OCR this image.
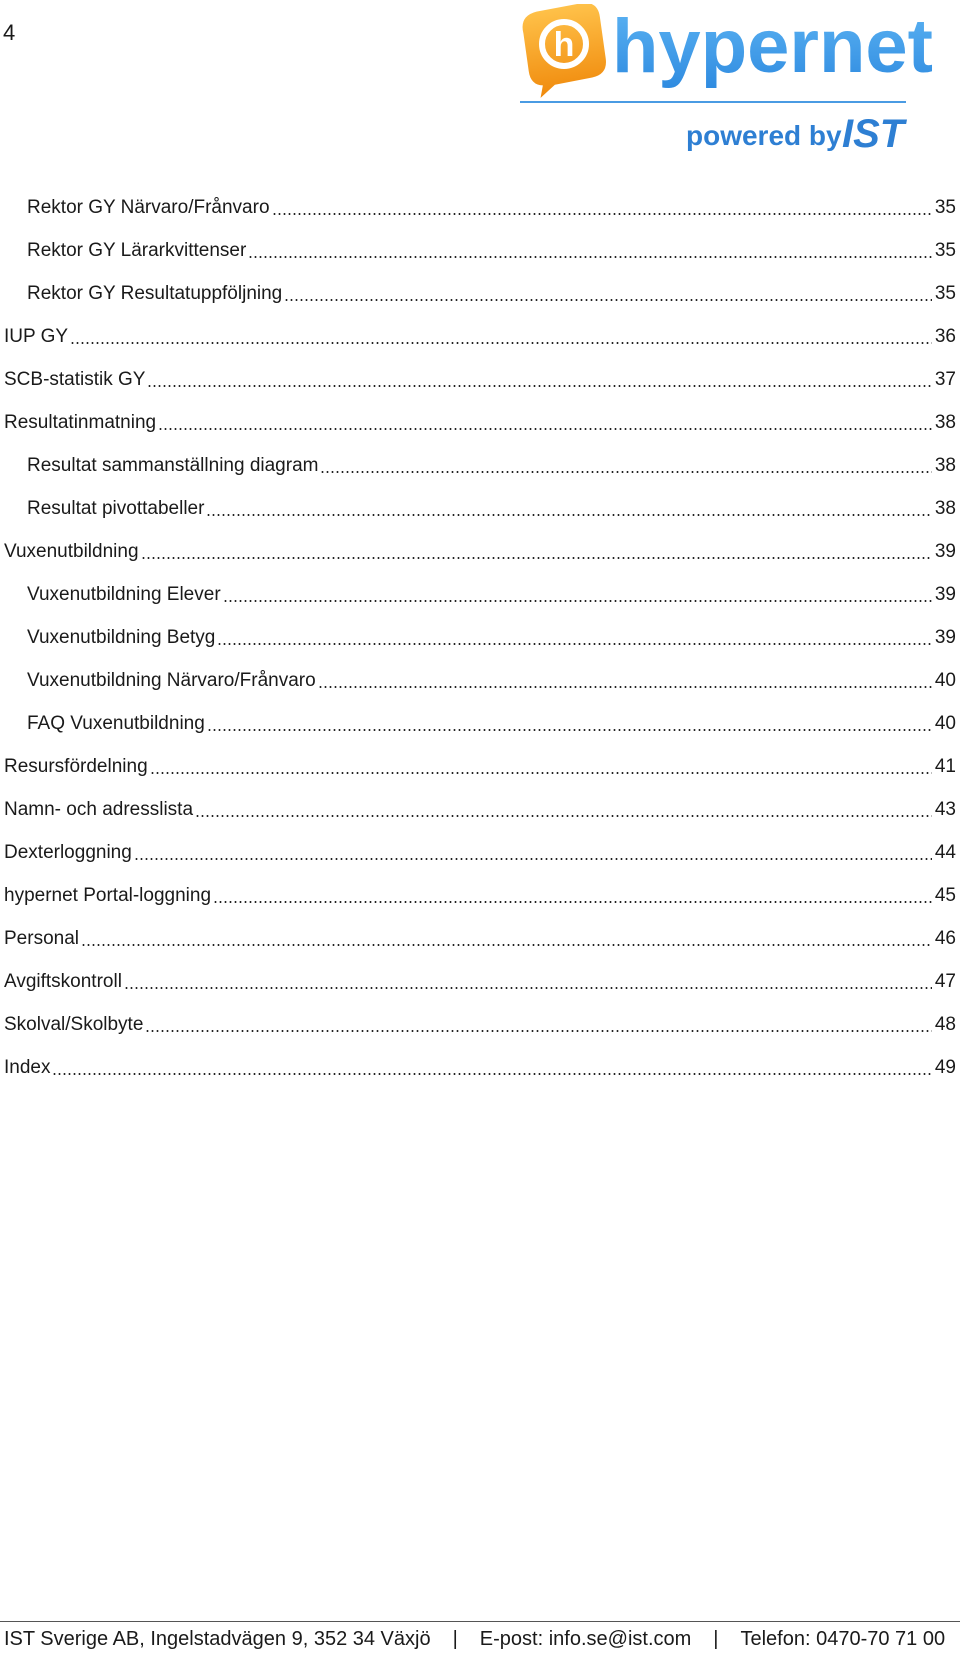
4	h hypernet
powered by IST
Rektor GY Närvaro/Frånvaro	35
Rektor GY Lärarkvittenser	35
Rektor GY Resultatuppföljning	35
IUP GY	36
SCB-statistik GY	37
Resultatinmatning	38
Resultat sammanställning diagram	38
Resultat pivottabeller	38
Vuxenutbildning	39
Vuxenutbildning Elever	39
Vuxenutbildning Betyg	39
Vuxenutbildning Närvaro/Frånvaro	40
FAQ Vuxenutbildning	40
Resursfördelning	41
Namn- och adresslista	43
Dexterloggning	44
hypernet Portal-loggning	45
Personal	46
Avgiftskontroll	47
Skolval/Skolbyte	48
Index	49
IST Sverige AB, Ingelstadvägen 9, 352 34 Växjö | E-post: info.se@ist.com | Telefon: 0470-70 71 00
